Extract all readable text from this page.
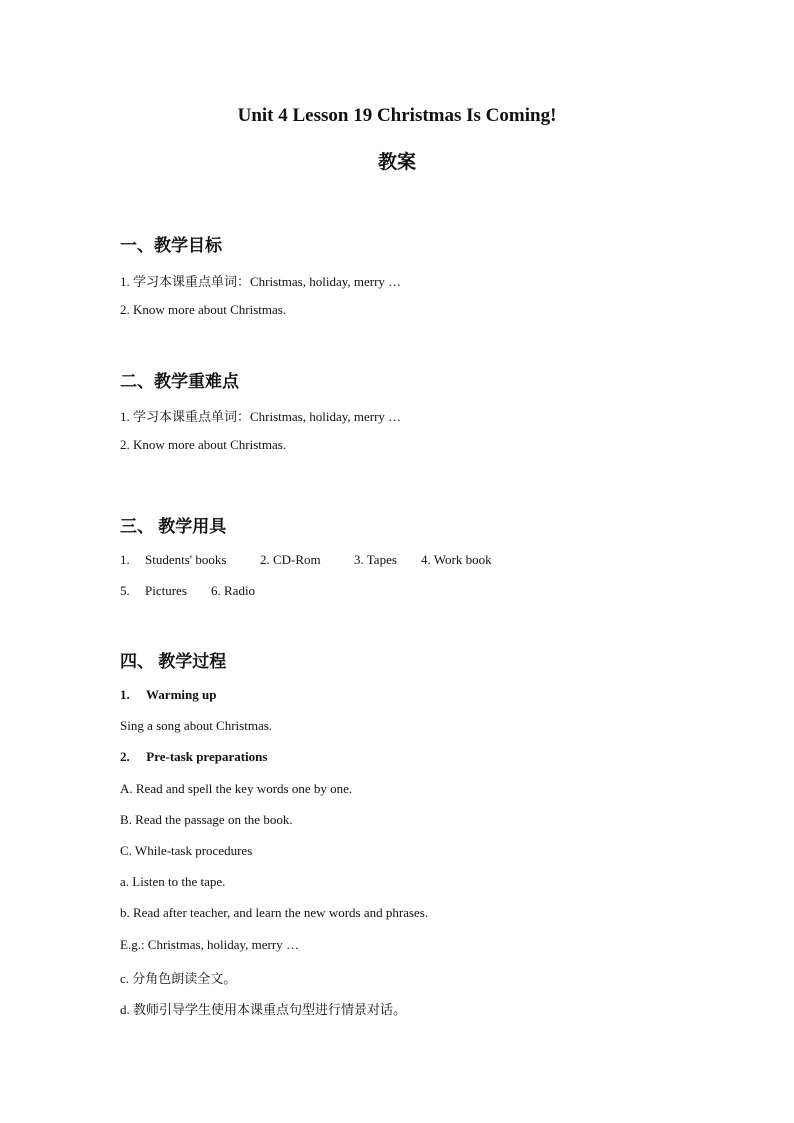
Unit 4 Lesson 19 Christmas Is Coming!
教案
一、教学目标
1. 学习本课重点单词：Christmas, holiday, merry …
2. Know more about Christmas.
二、教学重难点
1. 学习本课重点单词：Christmas, holiday, merry …
2. Know more about Christmas.
三、 教学用具
1. Students' books	2. CD-Rom	3. Tapes 4. Work book
5. Pictures 6. Radio
四、 教学过程
1. Warming up
Sing a song about Christmas.
2. Pre-task preparations
A. Read and spell the key words one by one.
B. Read the passage on the book.
C. While-task procedures
a. Listen to the tape.
b. Read after teacher, and learn the new words and phrases.
E.g.: Christmas, holiday, merry …
c. 分角色朗读全文。
d. 教师引导学生使用本课重点句型进行情景对话。
